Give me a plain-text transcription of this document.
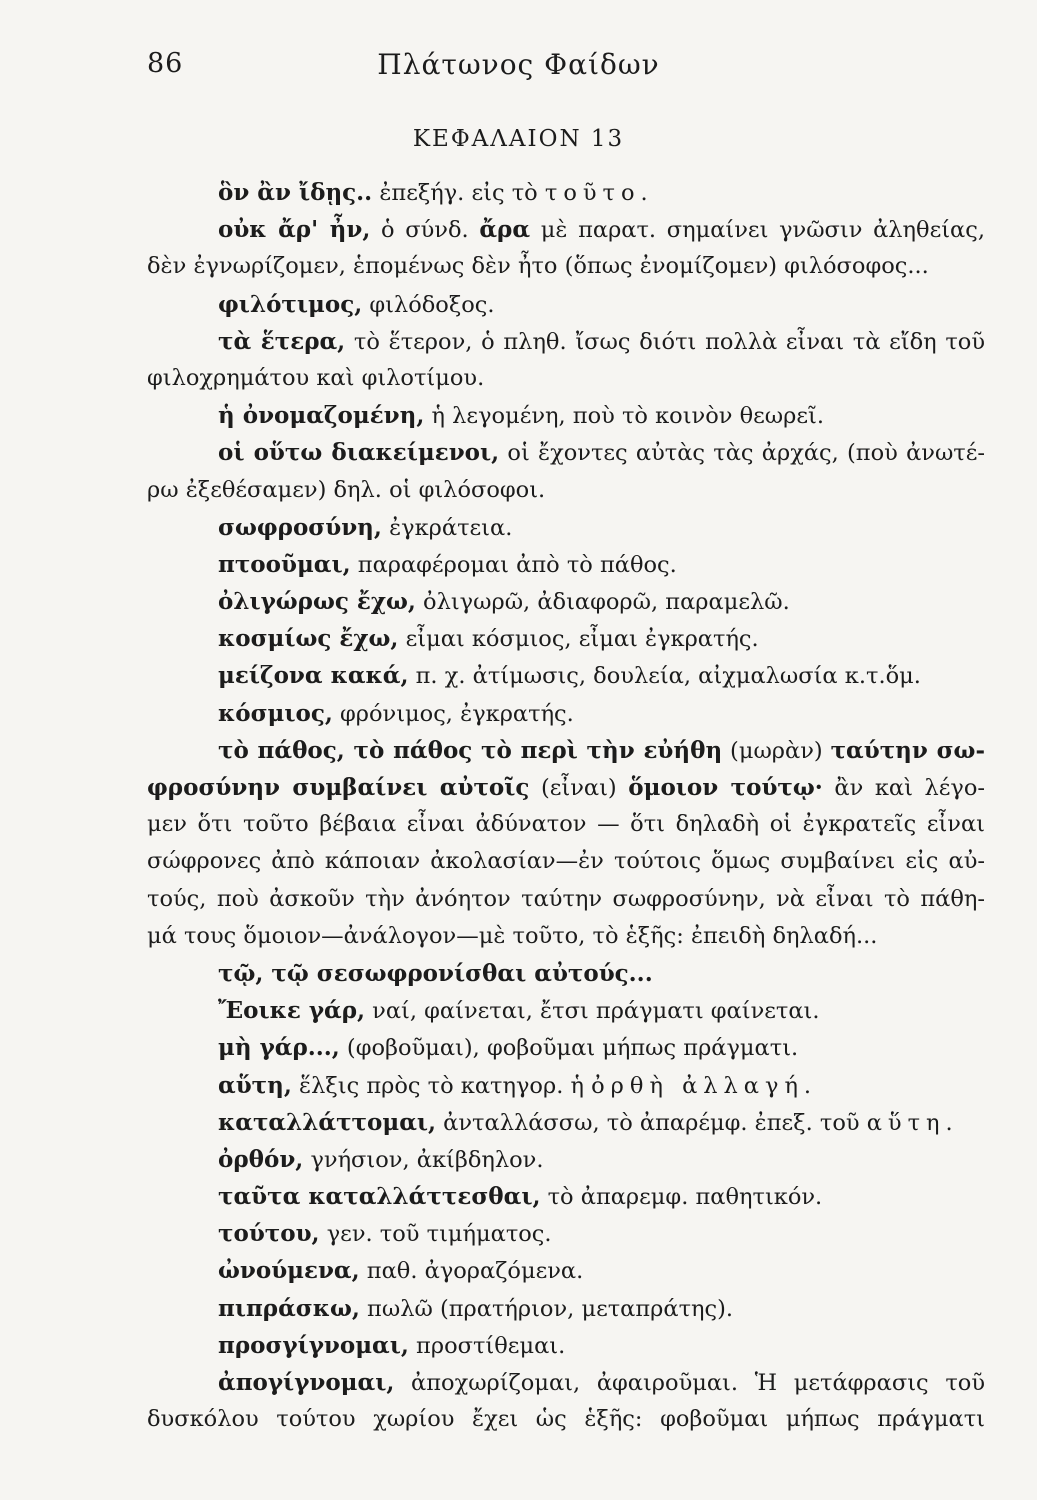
86	Πλάτωνος Φαίδων
ΚΕΦΑΛΑΙΟΝ 13
ὃν ἂν ἴδῃς.. ἐπεξήγ. εἰς τὸ τοῦτο.
οὐκ ἄρ' ἦν, ὁ σύνδ. ἄρα μὲ παρατ. σημαίνει γνῶσιν ἀληθείας,
δὲν ἐγνωρίζομεν, ἑπομένως δὲν ἦτο (ὅπως ἐνομίζομεν) φιλόσοφος...
φιλότιμος, φιλόδοξος.
τὰ ἕτερα, τὸ ἕτερον, ὁ πληθ. ἴσως διότι πολλὰ εἶναι τὰ εἴδη τοῦ
φιλοχρημάτου καὶ φιλοτίμου.
ἡ ὀνομαζομένη, ἡ λεγομένη, ποὺ τὸ κοινὸν θεωρεῖ.
οἱ οὕτω διακείμενοι, οἱ ἔχοντες αὐτὰς τὰς ἀρχάς, (ποὺ ἀνωτέ-
ρω ἐξεθέσαμεν) δηλ. οἱ φιλόσοφοι.
σωφροσύνη, ἐγκράτεια.
πτοοῦμαι, παραφέρομαι ἀπὸ τὸ πάθος.
ὀλιγώρως ἔχω, ὀλιγωρῶ, ἀδιαφορῶ, παραμελῶ.
κοσμίως ἔχω, εἶμαι κόσμιος, εἶμαι ἐγκρατής.
μείζονα κακά, π. χ. ἀτίμωσις, δουλεία, αἰχμαλωσία κ.τ.ὅμ.
κόσμιος, φρόνιμος, ἐγκρατής.
τὸ πάθος, τὸ πάθος τὸ περὶ τὴν εὐήθη (μωρὰν) ταύτην σω-
φροσύνην συμβαίνει αὐτοῖς (εἶναι) ὅμοιον τούτῳ· ἂν καὶ λέγο-
μεν ὅτι τοῦτο βέβαια εἶναι ἀδύνατον — ὅτι δηλαδὴ οἱ ἐγκρατεῖς εἶναι
σώφρονες ἀπὸ κάποιαν ἀκολασίαν—ἐν τούτοις ὅμως συμβαίνει εἰς αὐ-
τούς, ποὺ ἀσκοῦν τὴν ἀνόητον ταύτην σωφροσύνην, νὰ εἶναι τὸ πάθη-
μά τους ὅμοιον—ἀνάλογον—μὲ τοῦτο, τὸ ἑξῆς: ἐπειδὴ δηλαδή...
τῷ, τῷ σεσωφρονίσθαι αὐτούς...
Ἔοικε γάρ, ναί, φαίνεται, ἔτσι πράγματι φαίνεται.
μὴ γάρ..., (φοβοῦμαι), φοβοῦμαι μήπως πράγματι.
αὕτη, ἕλξις πρὸς τὸ κατηγορ. ἡ ὀρθὴ ἀλλαγή.
καταλλάττομαι, ἀνταλλάσσω, τὸ ἀπαρέμφ. ἐπεξ. τοῦ αὕτη.
ὀρθόν, γνήσιον, ἀκίβδηλον.
ταῦτα καταλλάττεσθαι, τὸ ἀπαρεμφ. παθητικόν.
τούτου, γεν. τοῦ τιμήματος.
ὠνούμενα, παθ. ἀγοραζόμενα.
πιπράσκω, πωλῶ (πρατήριον, μεταπράτης).
προσγίγνομαι, προστίθεμαι.
ἀπογίγνομαι, ἀποχωρίζομαι, ἀφαιροῦμαι. Ἡ μετάφρασις τοῦ
δυσκόλου τούτου χωρίου ἔχει ὡς ἑξῆς: φοβοῦμαι μήπως πράγματι
